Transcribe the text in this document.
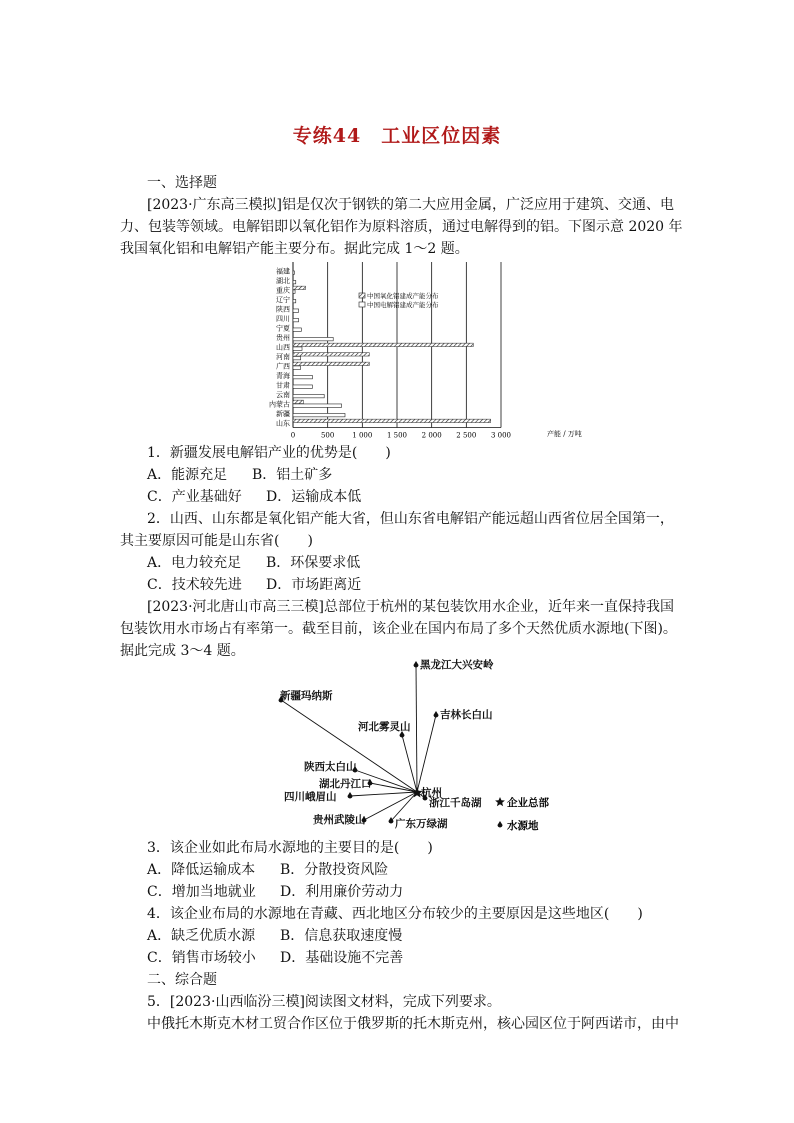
专练44　工业区位因素
一、选择题
[2023·广东高三模拟]铝是仅次于钢铁的第二大应用金属，广泛应用于建筑、交通、电
力、包装等领域。电解铝即以氧化铝作为原料溶质，通过电解得到的铝。下图示意 2020 年
我国氧化铝和电解铝产能主要分布。据此完成 1～2 题。
福建
湖北
重庆
辽宁
陕西
四川
宁夏
贵州
山西
河南
广西
青海
甘肃
云南
内蒙古
新疆
山东
0	500	1 000 1 500 2 000 2 500 3 000
中国氧化铝建成产能分布
中国电解铝建成产能分布
产能 / 万吨
1．新疆发展电解铝产业的优势是(　　)
A．能源充足 B．铝土矿多
C．产业基础好 D．运输成本低
2．山西、山东都是氧化铝产能大省，但山东省电解铝产能远超山西省位居全国第一，
其主要原因可能是山东省(　　)
A．电力较充足 B．环保要求低
C．技术较先进 D．市场距离近
[2023·河北唐山市高三三模]总部位于杭州的某包装饮用水企业，近年来一直保持我国
包装饮用水市场占有率第一。截至目前，该企业在国内布局了多个天然优质水源地(下图)。
据此完成 3～4 题。
黑龙江大兴安岭
新疆玛纳斯
吉林长白山
河北雾灵山
陕西太白山
湖北丹江口
四川峨眉山	杭州
浙江千岛湖
贵州武陵山	广东万绿湖
企业总部
水源地
3．该企业如此布局水源地的主要目的是(　　)
A．降低运输成本 B．分散投资风险
C．增加当地就业 D．利用廉价劳动力
4．该企业布局的水源地在青藏、西北地区分布较少的主要原因是这些地区(　　)
A．缺乏优质水源 B．信息获取速度慢
C．销售市场较小 D．基础设施不完善
二、综合题
5．[2023·山西临汾三模]阅读图文材料，完成下列要求。
中俄托木斯克木材工贸合作区位于俄罗斯的托木斯克州，核心园区位于阿西诺市，由中
